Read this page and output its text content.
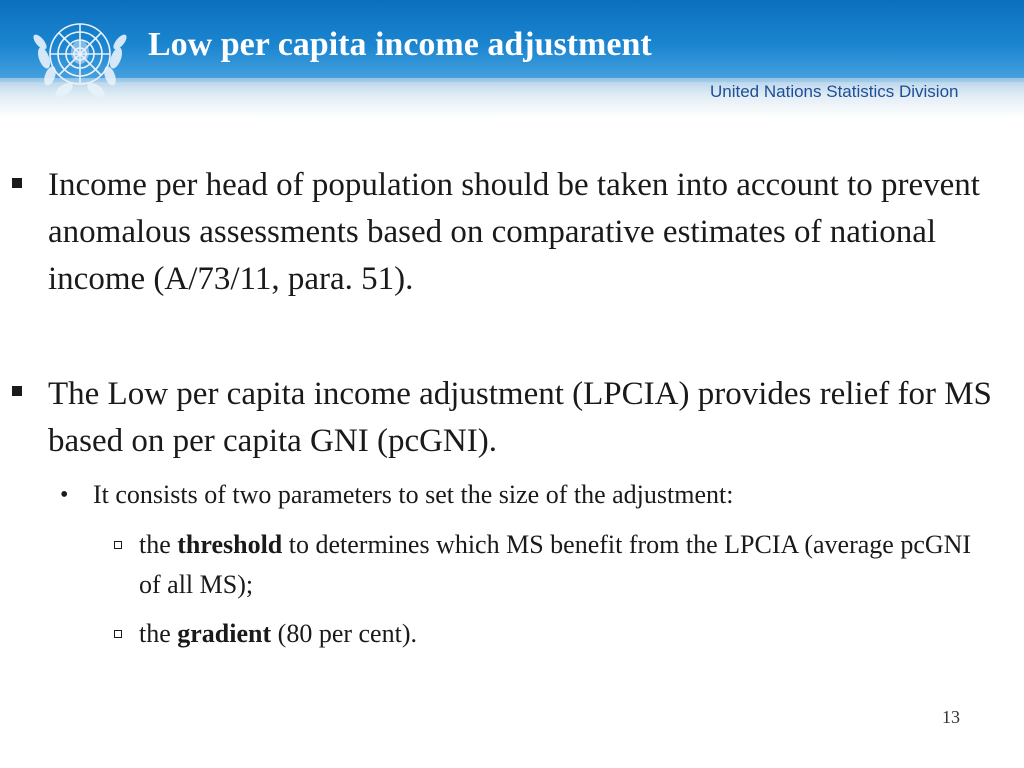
Low per capita income adjustment
United Nations Statistics Division
Income per head of population should be taken into account to prevent anomalous assessments based on comparative estimates of national income (A/73/11, para. 51).
The Low per capita income adjustment (LPCIA) provides relief for MS based on per capita GNI (pcGNI).
• It consists of two parameters to set the size of the adjustment:
the threshold to determines which MS benefit from the LPCIA (average pcGNI of all MS);
the gradient (80 per cent).
13
